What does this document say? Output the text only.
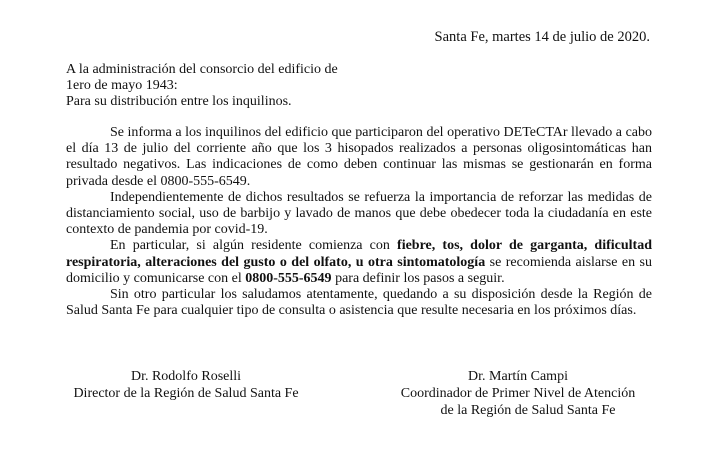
Santa Fe, martes 14 de julio de 2020.
A la administración del consorcio del edificio de
1ero de mayo 1943:
Para su distribución entre los inquilinos.

Se informa a los inquilinos del edificio que participaron del operativo DETeCTAr llevado a cabo el día 13 de julio del corriente año que los 3 hisopados realizados a personas oligosintomáticas han resultado negativos. Las indicaciones de como deben continuar las mismas se gestionarán en forma privada desde el 0800-555-6549.

Independientemente de dichos resultados se refuerza la importancia de reforzar las medidas de distanciamiento social, uso de barbijo y lavado de manos que debe obedecer toda la ciudadanía en este contexto de pandemia por covid-19.

En particular, si algún residente comienza con fiebre, tos, dolor de garganta, dificultad respiratoria, alteraciones del gusto o del olfato, u otra sintomatología se recomienda aislarse en su domicilio y comunicarse con el 0800-555-6549 para definir los pasos a seguir.

Sin otro particular los saludamos atentamente, quedando a su disposición desde la Región de Salud Santa Fe para cualquier tipo de consulta o asistencia que resulte necesaria en los próximos días.

Dr. Rodolfo Roselli
Director de la Región de Salud Santa Fe
Dr. Martín Campi
Coordinador de Primer Nivel de Atención
de la Región de Salud Santa Fe
